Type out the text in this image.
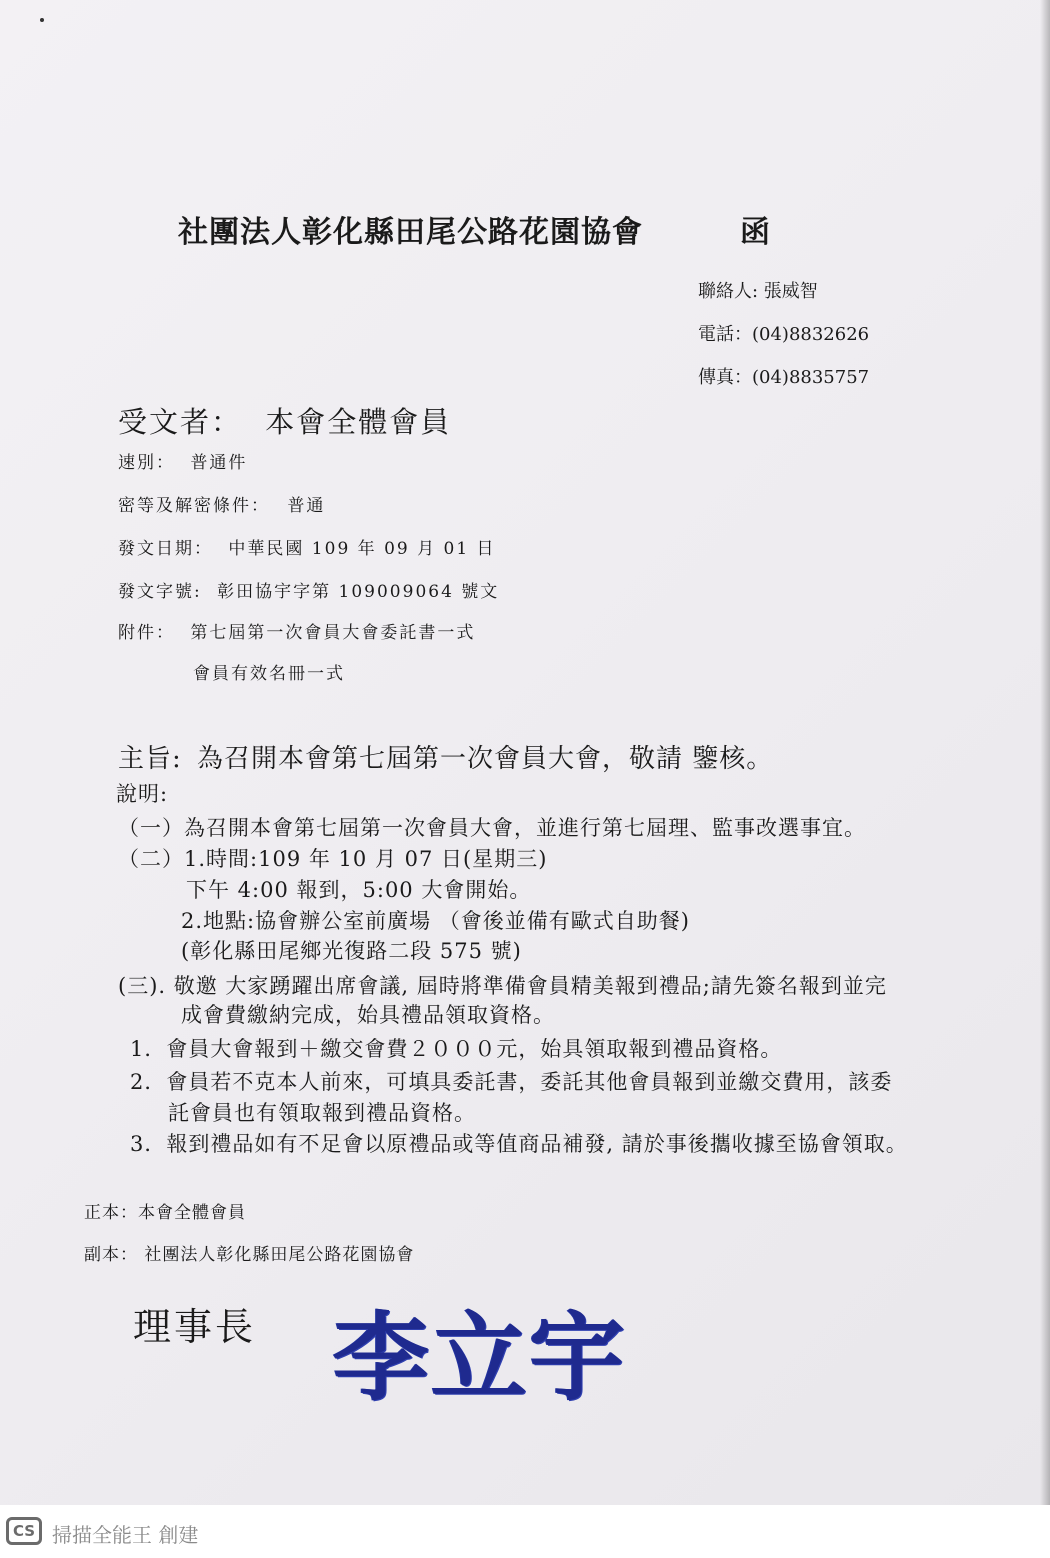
社團法人彰化縣田尾公路花園協會	函
聯絡人: 張威智
電話：(04)8832626
傳真：(04)8835757
受文者： 本會全體會員
速別： 普通件
密等及解密條件： 普通
發文日期： 中華民國 109 年 09 月 01 日
發文字號: 彰田協宇字第 109009064 號文
附件： 第七屆第一次會員大會委託書一式
會員有效名冊一式
主旨: 為召開本會第七屆第一次會員大會，敬請 鑒核。
說明:
（一）為召開本會第七屆第一次會員大會，並進行第七屆理、監事改選事宜。
（二）1.時間:109 年 10 月 07 日(星期三)
下午 4:00 報到，5:00 大會開始。
2.地點:協會辦公室前廣場 （會後並備有歐式自助餐)
(彰化縣田尾鄉光復路二段 575 號)
(三). 敬邀 大家踴躍出席會議, 屆時將準備會員精美報到禮品;請先簽名報到並完
成會費繳納完成，始具禮品領取資格。
1．會員大會報到＋繳交會費２０００元，始具領取報到禮品資格。
2．會員若不克本人前來，可填具委託書，委託其他會員報到並繳交費用，該委
託會員也有領取報到禮品資格。
3．報到禮品如有不足會以原禮品或等值商品補發, 請於事後攜收據至協會領取。
正本：本會全體會員
副本： 社團法人彰化縣田尾公路花園協會
理事長 李立宇
CS 掃描全能王 創建
